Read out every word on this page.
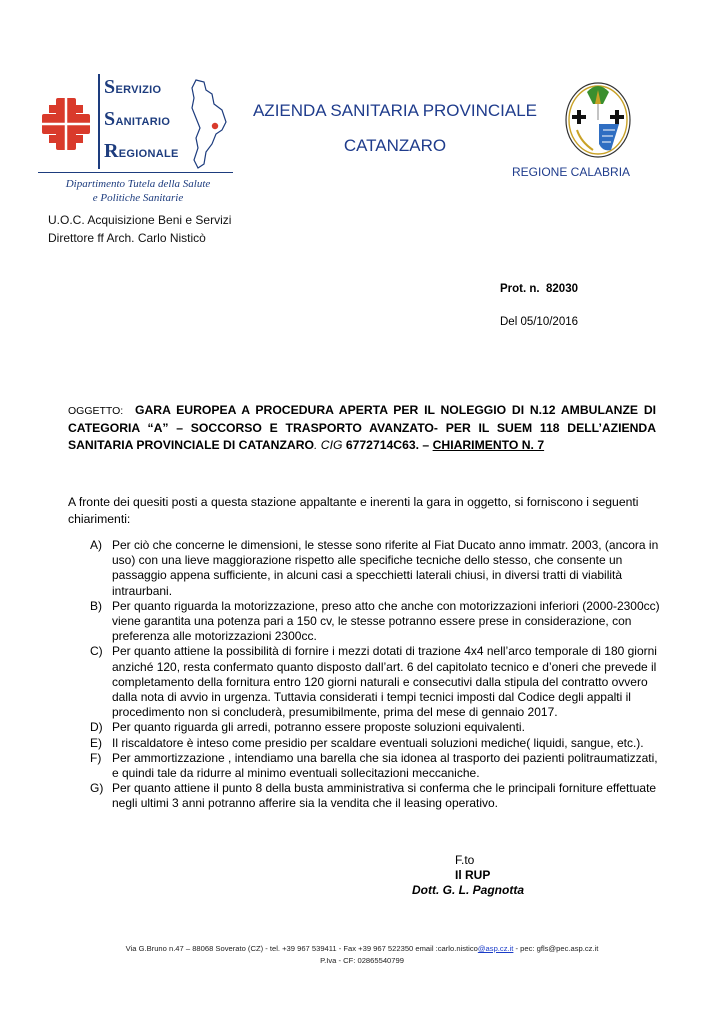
SERVIZIO
SANITARIO
REGIONALE
Dipartimento Tutela della Salute
e Politiche Sanitarie
AZIENDA SANITARIA PROVINCIALE
CATANZARO
REGIONE CALABRIA
U.O.C. Acquisizione Beni e Servizi
Direttore ff Arch. Carlo Nisticò
Prot. n. 82030
Del 05/10/2016
OGGETTO: GARA EUROPEA A PROCEDURA APERTA PER IL NOLEGGIO DI N.12 AMBULANZE DI CATEGORIA “A” – SOCCORSO E TRASPORTO AVANZATO- PER IL SUEM 118 DELL’AZIENDA SANITARIA PROVINCIALE DI CATANZARO. CIG 6772714C63. – CHIARIMENTO N. 7
A fronte dei quesiti posti a questa stazione appaltante e inerenti la gara in oggetto, si forniscono i seguenti chiarimenti:
A) Per ciò che concerne le dimensioni, le stesse sono riferite al Fiat Ducato anno immatr. 2003, (ancora in uso) con una lieve maggiorazione rispetto alle specifiche tecniche dello stesso, che consente un passaggio appena sufficiente, in alcuni casi a specchietti laterali chiusi, in diversi tratti di viabilità intraurbani.
B) Per quanto riguarda la motorizzazione, preso atto che anche con motorizzazioni inferiori (2000-2300cc) viene garantita una potenza pari a 150 cv, le stesse potranno essere prese in considerazione, con preferenza alle motorizzazioni 2300cc.
C) Per quanto attiene la possibilità di fornire i mezzi dotati di trazione 4x4 nell’arco temporale di 180 giorni anziché 120, resta confermato quanto disposto dall’art. 6 del capitolato tecnico e d’oneri che prevede il completamento della fornitura entro 120 giorni naturali e consecutivi dalla stipula del contratto ovvero dalla nota di avvio in urgenza. Tuttavia considerati i tempi tecnici imposti dal Codice degli appalti il procedimento non si concluderà, presumibilmente, prima del mese di gennaio 2017.
D) Per quanto riguarda gli arredi, potranno essere proposte soluzioni equivalenti.
E) Il riscaldatore è inteso come presidio per scaldare eventuali soluzioni mediche( liquidi, sangue, etc.).
F) Per ammortizzazione , intendiamo una barella che sia idonea al trasporto dei pazienti politraumatizzati, e quindi tale da ridurre al minimo eventuali sollecitazioni meccaniche.
G) Per quanto attiene il punto 8 della busta amministrativa si conferma che le principali forniture effettuate negli ultimi 3 anni potranno afferire sia la vendita che il leasing operativo.
F.to
Il RUP
Dott. G. L. Pagnotta
Via G.Bruno n.47 – 88068 Soverato (CZ) - tel. +39 967 539411 - Fax +39 967 522350 email :carlo.nistico@asp.cz.it - pec: gfls@pec.asp.cz.it
P.Iva - CF: 02865540799
